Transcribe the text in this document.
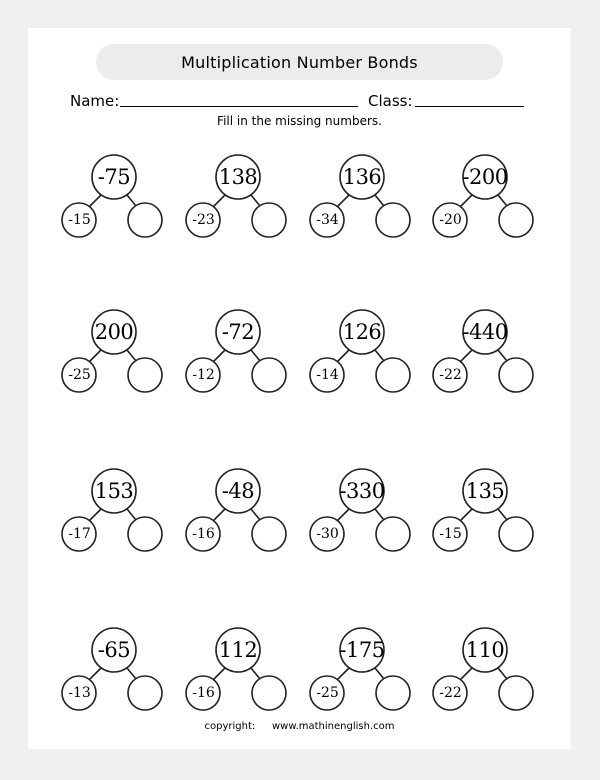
Multiplication Number Bonds
Name:	Class:
Fill in the missing numbers.
-75
-15
138
-23
136
-34
-200
-20
200
-25
-72
-12
126
-14
-440
-22
153
-17
-48
-16
-330
-30
135
-15
-65
-13
112
-16
-175
-25
110
-22
copyright: www.mathinenglish.com
